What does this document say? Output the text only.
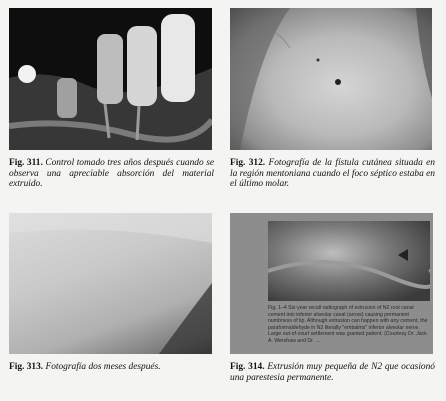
Fig. 311. Control tomado tres años después cuando se observa una apreciable absorción del material extruido.
Fig. 312. Fotografía de la fístula cutánea situada en la región mentoniana cuando el foco séptico estaba en el último molar.
Fig. 313. Fotografía dos meses después.
Fig. 1–4 Six-year recall radiograph of extrusion of N2 root canal cement into inferior alveolar canal (arrow) causing permanent numbness of lip. Although extrusion can happen with any cement, the paraformaldehyde in N2 literally "embalms" inferior alveolar nerve. Large out-of-court settlement was granted patient. (Courtesy Dr. Jack A. Wershaw and Dr. ...
Fig. 314. Extrusión muy pequeña de N2 que ocasionó una parestesia permanente.
